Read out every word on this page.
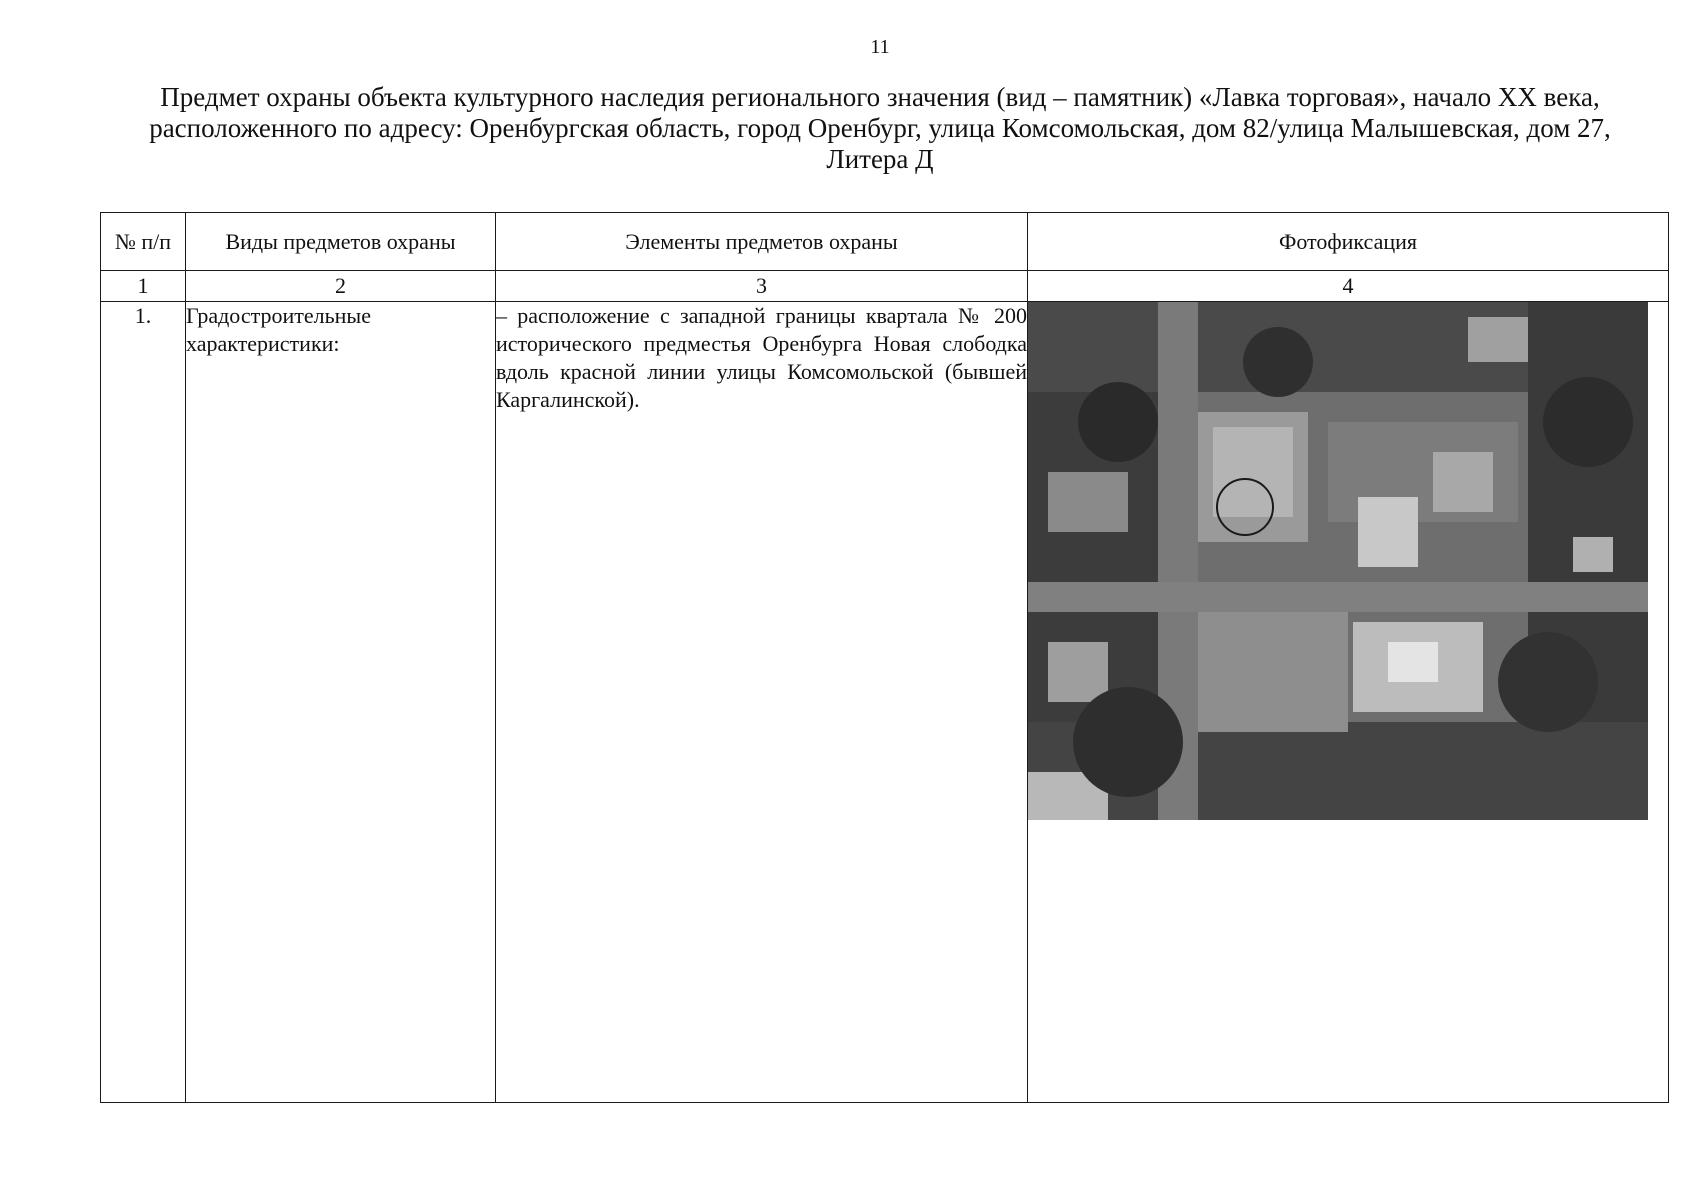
11
Предмет охраны объекта культурного наследия регионального значения (вид – памятник) «Лавка торговая», начало XX века,
расположенного по адресу: Оренбургская область, город Оренбург, улица Комсомольская, дом 82/улица Малышевская, дом 27,
Литера Д
№ п/п	Виды предметов охраны	Элементы предметов охраны	Фотофиксация
1	2	3	4
1.	Градостроительные характеристики:	– расположение с западной границы квартала № 200 исторического предместья Оренбурга Новая слободка вдоль красной линии улицы Комсомольской (бывшей Каргалинской).	
